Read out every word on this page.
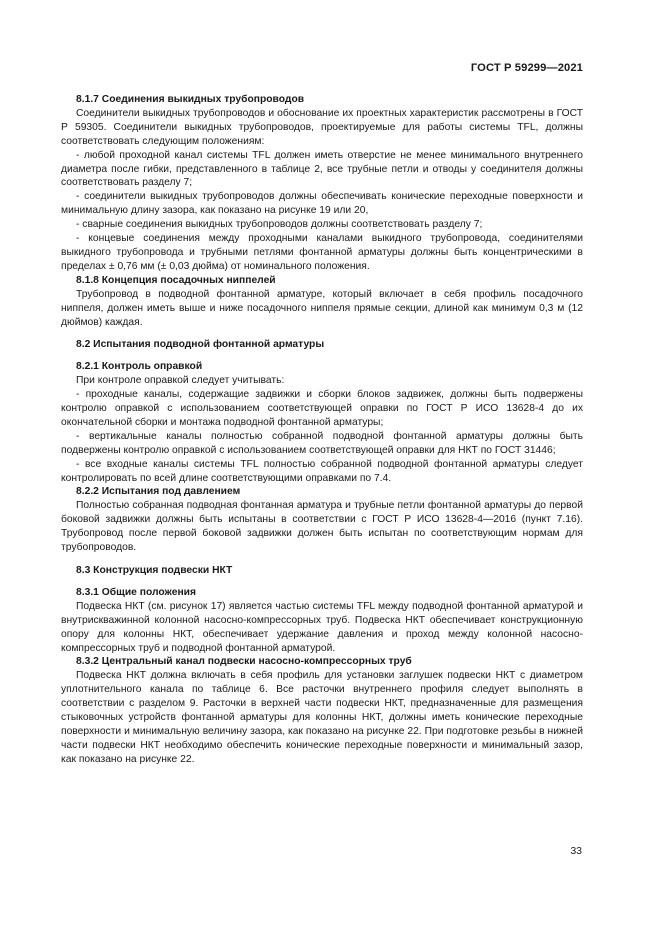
ГОСТ Р 59299—2021

8.1.7 Соединения выкидных трубопроводов

Соединители выкидных трубопроводов и обоснование их проектных характеристик рассмотрены в ГОСТ Р 59305. Соединители выкидных трубопроводов, проектируемые для работы системы TFL, должны соответствовать следующим положениям:

- любой проходной канал системы TFL должен иметь отверстие не менее минимального внутреннего диаметра после гибки, представленного в таблице 2, все трубные петли и отводы у соединителя должны соответствовать разделу 7;

- соединители выкидных трубопроводов должны обеспечивать конические переходные поверхности и минимальную длину зазора, как показано на рисунке 19 или 20,

- сварные соединения выкидных трубопроводов должны соответствовать разделу 7;

- концевые соединения между проходными каналами выкидного трубопровода, соединителями выкидного трубопровода и трубными петлями фонтанной арматуры должны быть концентрическими в пределах ± 0,76 мм (± 0,03 дюйма) от номинального положения.

8.1.8 Концепция посадочных ниппелей

Трубопровод в подводной фонтанной арматуре, который включает в себя профиль посадочного ниппеля, должен иметь выше и ниже посадочного ниппеля прямые секции, длиной как минимум 0,3 м (12 дюймов) каждая.

8.2 Испытания подводной фонтанной арматуры

8.2.1 Контроль оправкой

При контроле оправкой следует учитывать:

- проходные каналы, содержащие задвижки и сборки блоков задвижек, должны быть подвержены контролю оправкой с использованием соответствующей оправки по ГОСТ Р ИСО 13628-4 до их окончательной сборки и монтажа подводной фонтанной арматуры;

- вертикальные каналы полностью собранной подводной фонтанной арматуры должны быть подвержены контролю оправкой с использованием соответствующей оправки для НКТ по ГОСТ 31446;

- все входные каналы системы TFL полностью собранной подводной фонтанной арматуры следует контролировать по всей длине соответствующими оправками по 7.4.

8.2.2 Испытания под давлением

Полностью собранная подводная фонтанная арматура и трубные петли фонтанной арматуры до первой боковой задвижки должны быть испытаны в соответствии с ГОСТ Р ИСО 13628-4—2016 (пункт 7.16). Трубопровод после первой боковой задвижки должен быть испытан по соответствующим нормам для трубопроводов.

8.3 Конструкция подвески НКТ

8.3.1 Общие положения

Подвеска НКТ (см. рисунок 17) является частью системы TFL между подводной фонтанной арматурой и внутрискважинной колонной насосно-компрессорных труб. Подвеска НКТ обеспечивает конструкционную опору для колонны НКТ, обеспечивает удержание давления и проход между колонной насосно-компрессорных труб и подводной фонтанной арматурой.

8.3.2 Центральный канал подвески насосно-компрессорных труб

Подвеска НКТ должна включать в себя профиль для установки заглушек подвески НКТ с диаметром уплотнительного канала по таблице 6. Все расточки внутреннего профиля следует выполнять в соответствии с разделом 9. Расточки в верхней части подвески НКТ, предназначенные для размещения стыковочных устройств фонтанной арматуры для колонны НКТ, должны иметь конические переходные поверхности и минимальную величину зазора, как показано на рисунке 22. При подготовке резьбы в нижней части подвески НКТ необходимо обеспечить конические переходные поверхности и минимальный зазор, как показано на рисунке 22.

33
